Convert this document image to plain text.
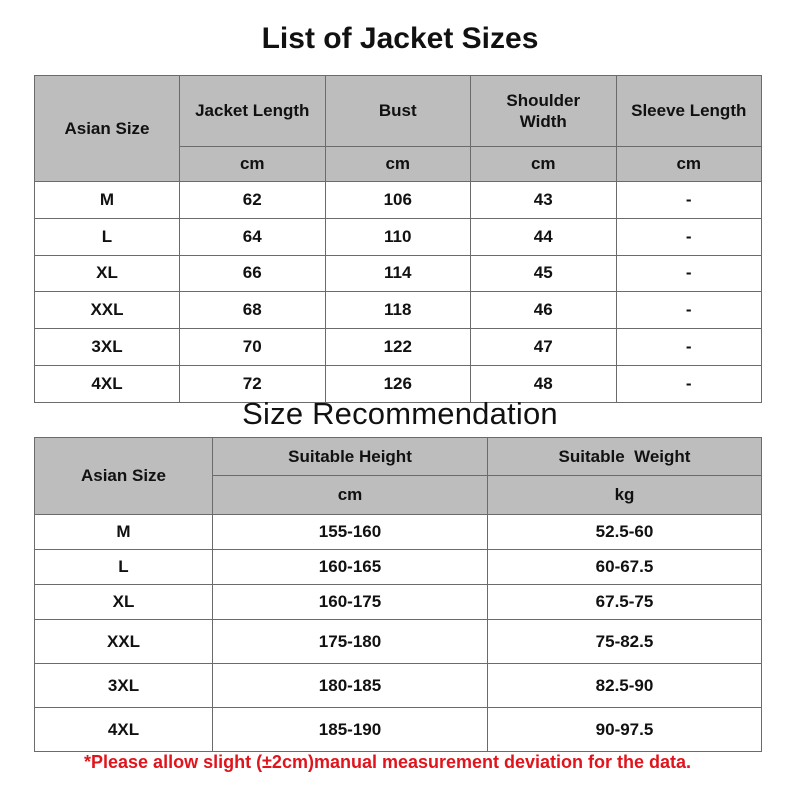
List of Jacket Sizes
Asian Size	Jacket Length	Bust	Shoulder Width	Sleeve Length
	cm	cm	cm	cm
M	62	106	43	-
L	64	110	44	-
XL	66	114	45	-
XXL	68	118	46	-
3XL	70	122	47	-
4XL	72	126	48	-
Size Recommendation
Asian Size	Suitable Height	Suitable  Weight
	cm	kg
M	155-160	52.5-60
L	160-165	60-67.5
XL	160-175	67.5-75
XXL	175-180	75-82.5
3XL	180-185	82.5-90
4XL	185-190	90-97.5
*Please allow slight (±2cm)manual measurement deviation for the data.
